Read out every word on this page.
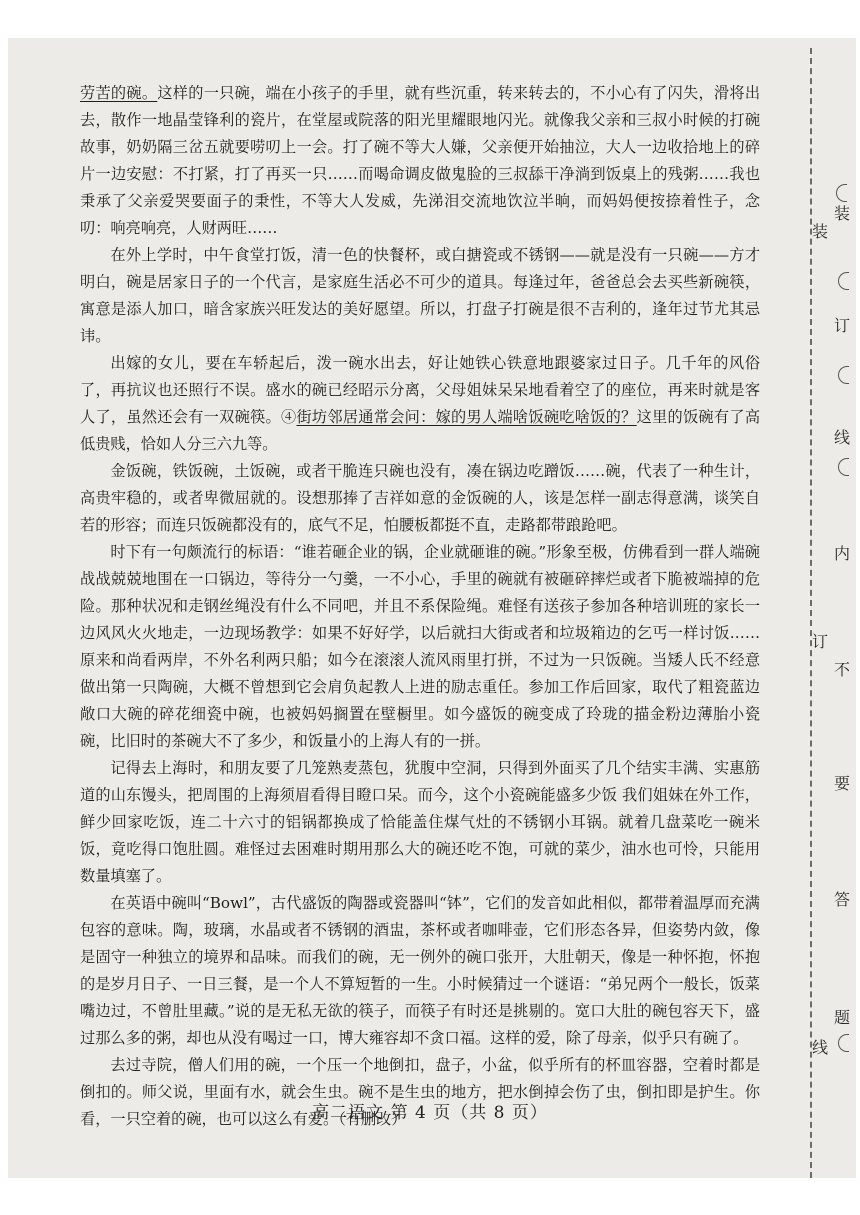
劳苦的碗。这样的一只碗，端在小孩子的手里，就有些沉重，转来转去的，不小心有了闪失，滑将出去，散作一地晶莹锋利的瓷片，在堂屋或院落的阳光里耀眼地闪光。就像我父亲和三叔小时候的打碗故事，奶奶隔三岔五就要唠叨上一会。打了碗不等大人嫌，父亲便开始抽泣，大人一边收拾地上的碎片一边安慰：不打紧，打了再买一只……而喝命调皮做鬼脸的三叔舔干净淌到饭桌上的残粥……我也秉承了父亲爱哭要面子的秉性，不等大人发威，先涕泪交流地饮泣半晌，而妈妈便按捺着性子，念叨：响亮响亮，人财两旺……

在外上学时，中午食堂打饭，清一色的快餐杯，或白搪瓷或不锈钢——就是没有一只碗——方才明白，碗是居家日子的一个代言，是家庭生活必不可少的道具。每逢过年，爸爸总会去买些新碗筷，寓意是添人加口，暗含家族兴旺发达的美好愿望。所以，打盘子打碗是很不吉利的，逢年过节尤其忌讳。

出嫁的女儿，要在车轿起后，泼一碗水出去，好让她铁心铁意地跟婆家过日子。几千年的风俗了，再抗议也还照行不误。盛水的碗已经昭示分离，父母姐妹呆呆地看着空了的座位，再来时就是客人了，虽然还会有一双碗筷。④街坊邻居通常会问：嫁的男人端啥饭碗吃啥饭的？这里的饭碗有了高低贵贱，恰如人分三六九等。

金饭碗，铁饭碗，土饭碗，或者干脆连只碗也没有，凑在锅边吃蹭饭……碗，代表了一种生计，高贵牢稳的，或者卑微屈就的。设想那捧了吉祥如意的金饭碗的人，该是怎样一副志得意满，谈笑自若的形容；而连只饭碗都没有的，底气不足，怕腰板都挺不直，走路都带踉跄吧。

时下有一句颇流行的标语：“谁若砸企业的锅，企业就砸谁的碗。”形象至极，仿佛看到一群人端碗战战兢兢地围在一口锅边，等待分一勺羹，一不小心，手里的碗就有被砸碎摔烂或者下脆被端掉的危险。那种状况和走钢丝绳没有什么不同吧，并且不系保险绳。难怪有送孩子参加各种培训班的家长一边风风火火地走，一边现场教学：如果不好好学，以后就扫大街或者和垃圾箱边的乞丐一样讨饭……原来和尚看两岸，不外名利两只船；如今在滚滚人流风雨里打拼，不过为一只饭碗。当矮人氏不经意做出第一只陶碗，大概不曾想到它会肩负起教人上进的励志重任。参加工作后回家，取代了粗瓷蓝边敞口大碗的碎花细瓷中碗，也被妈妈搁置在壁橱里。如今盛饭的碗变成了玲珑的描金粉边薄胎小瓷碗，比旧时的茶碗大不了多少，和饭量小的上海人有的一拼。

记得去上海时，和朋友要了几笼熟麦蒸包，犹腹中空洞，只得到外面买了几个结实丰满、实惠筋道的山东馒头，把周围的上海须眉看得目瞪口呆。而今，这个小瓷碗能盛多少饭 我们姐妹在外工作，鲜少回家吃饭，连二十六寸的铝锅都换成了恰能盖住煤气灶的不锈钢小耳锅。就着几盘菜吃一碗米饭，竟吃得口饱肚圆。难怪过去困难时期用那么大的碗还吃不饱，可就的菜少，油水也可怜，只能用数量填塞了。

在英语中碗叫“Bowl”，古代盛饭的陶器或瓷器叫“钵”，它们的发音如此相似，都带着温厚而充满包容的意味。陶，玻璃，水晶或者不锈钢的酒盅，茶杯或者咖啡壶，它们形态各异，但姿势内敛，像是固守一种独立的境界和品味。而我们的碗，无一例外的碗口张开，大肚朝天，像是一种怀抱，怀抱的是岁月日子、一日三餐，是一个人不算短暂的一生。小时候猜过一个谜语：“弟兄两个一般长，饭菜嘴边过，不曾肚里藏。”说的是无私无欲的筷子，而筷子有时还是挑剔的。宽口大肚的碗包容天下，盛过那么多的粥，却也从没有喝过一口，博大雍容却不贪口福。这样的爱，除了母亲，似乎只有碗了。

去过寺院，僧人们用的碗，一个压一个地倒扣，盘子，小盆，似乎所有的杯皿容器，空着时都是倒扣的。师父说，里面有水，就会生虫。碗不是生虫的地方，把水倒掉会伤了虫，倒扣即是护生。你看，一只空着的碗，也可以这么有爱。（有删改）

高二语文 第 4 页（共 8 页）
装
订
线
装
订
线
内
不
要
答
题
